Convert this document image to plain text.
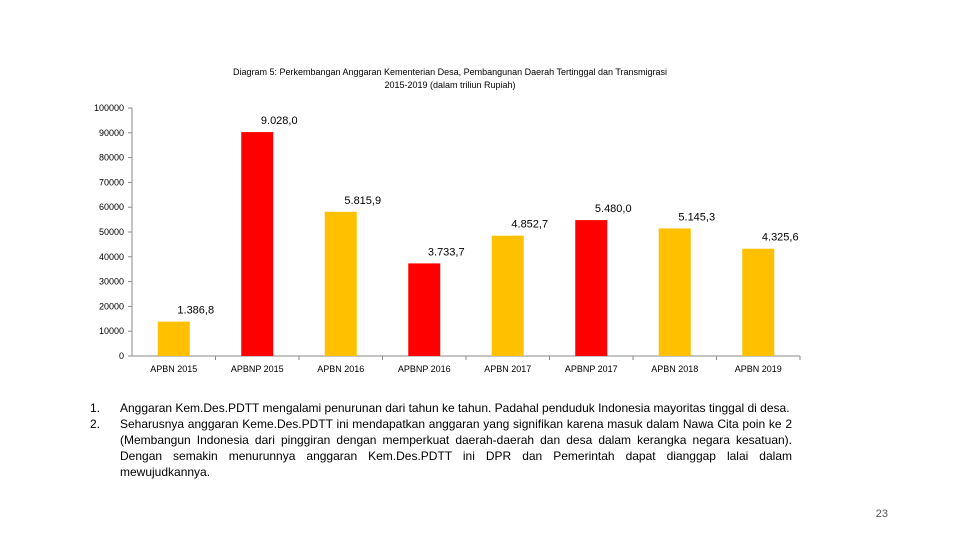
Diagram 5: Perkembangan Anggaran Kementerian Desa, Pembangunan Daerah Tertinggal dan Transmigrasi
2015-2019 (dalam triliun Rupiah)
100000
90000
80000
70000
60000
50000
40000
30000
20000
10000
0
APBN 2015	APBNP 2015	APBN 2016	APBNP 2016	APBN 2017	APBNP 2017	APBN 2018	APBN 2019
1.386,8
9.028,0
5.815,9
3.733,7
4.852,7
5.480,0
5.145,3
4.325,6
1.	Anggaran Kem.Des.PDTT mengalami penurunan dari tahun ke tahun. Padahal penduduk Indonesia mayoritas tinggal di desa.
2.	Seharusnya anggaran Keme.Des.PDTT ini mendapatkan anggaran yang signifikan karena masuk dalam Nawa Cita poin ke 2 (Membangun Indonesia dari pinggiran dengan memperkuat daerah-daerah dan desa dalam kerangka negara kesatuan). Dengan semakin menurunnya anggaran Kem.Des.PDTT ini DPR dan Pemerintah dapat dianggap lalai dalam mewujudkannya.
23
